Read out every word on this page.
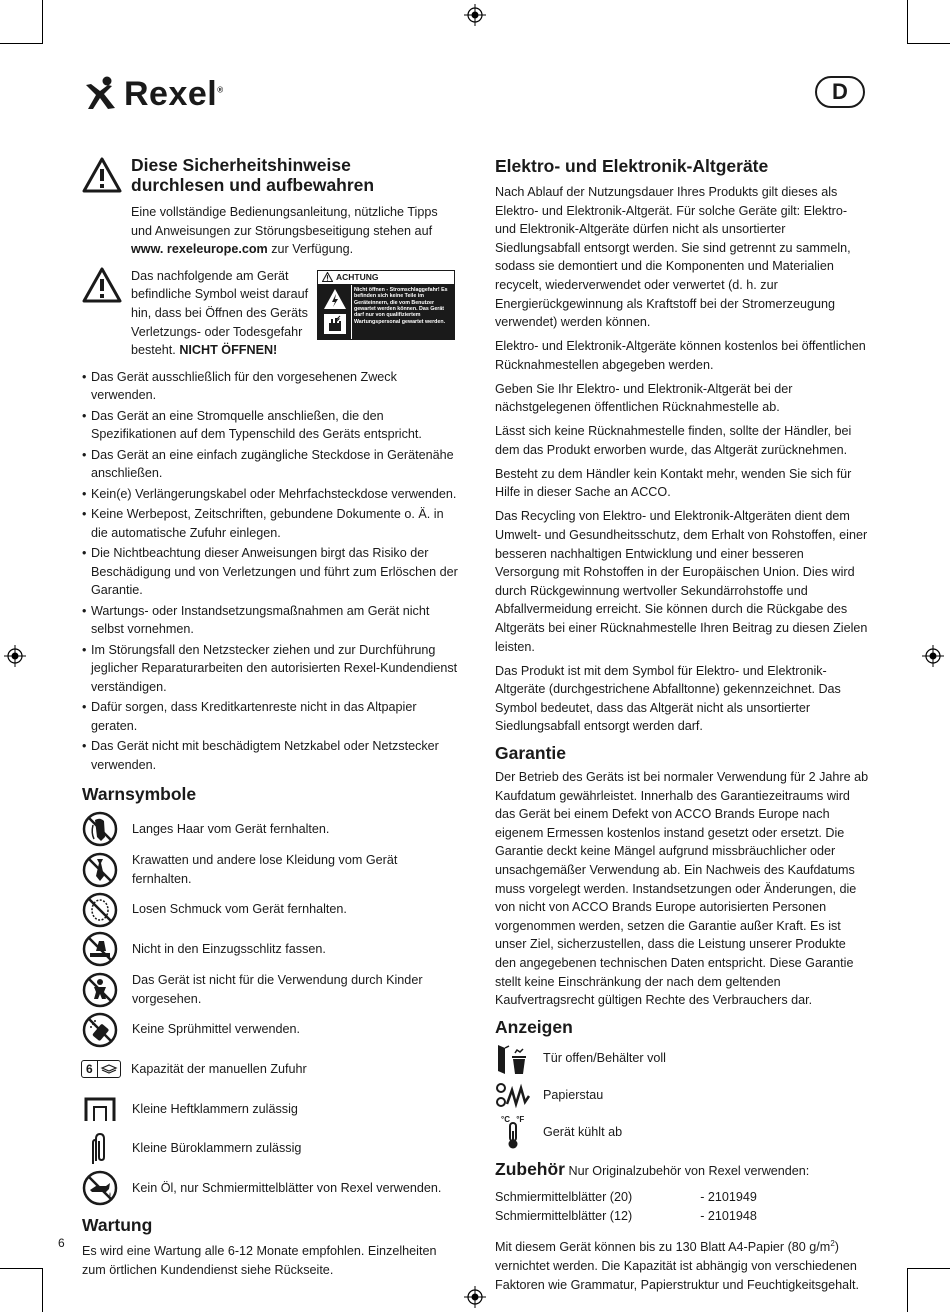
Rexel®	D
Diese Sicherheitshinweise
durchlesen und aufbewahren

Eine vollständige Bedienungsanleitung, nützliche Tipps und Anweisungen zur Störungsbeseitigung stehen auf www. rexeleurope.com zur Verfügung.

Das nachfolgende am Gerät befindliche Symbol weist darauf hin, dass bei Öffnen des Geräts Verletzungs- oder Todesgefahr besteht. NICHT ÖFFNEN!

ACHTUNG
Nicht öffnen - Stromschlaggefahr! Es befinden sich keine Teile im Geräteinnern, die vom Benutzer gewartet werden können. Das Gerät darf nur von qualifiziertem Wartungspersonal gewartet werden.
• Das Gerät ausschließlich für den vorgesehenen Zweck verwenden.
• Das Gerät an eine Stromquelle anschließen, die den Spezifikationen auf dem Typenschild des Geräts entspricht.
• Das Gerät an eine einfach zugängliche Steckdose in Gerätenähe anschließen.
• Kein(e) Verlängerungskabel oder Mehrfachsteckdose verwenden.
• Keine Werbepost, Zeitschriften, gebundene Dokumente o. Ä. in die automatische Zufuhr einlegen.
• Die Nichtbeachtung dieser Anweisungen birgt das Risiko der Beschädigung und von Verletzungen und führt zum Erlöschen der Garantie.
• Wartungs- oder Instandsetzungsmaßnahmen am Gerät nicht selbst vornehmen.
• Im Störungsfall den Netzstecker ziehen und zur Durchführung jeglicher Reparaturarbeiten den autorisierten Rexel-Kundendienst verständigen.
• Dafür sorgen, dass Kreditkartenreste nicht in das Altpapier geraten.
• Das Gerät nicht mit beschädigtem Netzkabel oder Netzstecker verwenden.
Warnsymbole
Langes Haar vom Gerät fernhalten.
Krawatten und andere lose Kleidung vom Gerät fernhalten.
Losen Schmuck vom Gerät fernhalten.
Nicht in den Einzugsschlitz fassen.
Das Gerät ist nicht für die Verwendung durch Kinder vorgesehen.
Keine Sprühmittel verwenden.
6	Kapazität der manuellen Zufuhr
Kleine Heftklammern zulässig
Kleine Büroklammern zulässig
Kein Öl, nur Schmiermittelblätter von Rexel verwenden.
Wartung

Es wird eine Wartung alle 6-12 Monate empfohlen. Einzelheiten zum örtlichen Kundendienst siehe Rückseite.

Elektro- und Elektronik-Altgeräte

Nach Ablauf der Nutzungsdauer Ihres Produkts gilt dieses als Elektro- und Elektronik-Altgerät. Für solche Geräte gilt: Elektro- und Elektronik-Altgeräte dürfen nicht als unsortierter Siedlungsabfall entsorgt werden. Sie sind getrennt zu sammeln, sodass sie demontiert und die Komponenten und Materialien recycelt, wiederverwendet oder verwertet (d. h. zur Energierückgewinnung als Kraftstoff bei der Stromerzeugung verwendet) werden können.

Elektro- und Elektronik-Altgeräte können kostenlos bei öffentlichen Rücknahmestellen abgegeben werden.

Geben Sie Ihr Elektro- und Elektronik-Altgerät bei der nächstgelegenen öffentlichen Rücknahmestelle ab.

Lässt sich keine Rücknahmestelle finden, sollte der Händler, bei dem das Produkt erworben wurde, das Altgerät zurücknehmen.

Besteht zu dem Händler kein Kontakt mehr, wenden Sie sich für Hilfe in dieser Sache an ACCO.

Das Recycling von Elektro- und Elektronik-Altgeräten dient dem Umwelt- und Gesundheitsschutz, dem Erhalt von Rohstoffen, einer besseren nachhaltigen Entwicklung und einer besseren Versorgung mit Rohstoffen in der Europäischen Union. Dies wird durch Rückgewinnung wertvoller Sekundärrohstoffe und Abfallvermeidung erreicht. Sie können durch die Rückgabe des Altgeräts bei einer Rücknahmestelle Ihren Beitrag zu diesen Zielen leisten.

Das Produkt ist mit dem Symbol für Elektro- und Elektronik-Altgeräte (durchgestrichene Abfalltonne) gekennzeichnet. Das Symbol bedeutet, dass das Altgerät nicht als unsortierter Siedlungsabfall entsorgt werden darf.

Garantie

Der Betrieb des Geräts ist bei normaler Verwendung für 2 Jahre ab Kaufdatum gewährleistet. Innerhalb des Garantiezeitraums wird das Gerät bei einem Defekt von ACCO Brands Europe nach eigenem Ermessen kostenlos instand gesetzt oder ersetzt. Die Garantie deckt keine Mängel aufgrund missbräuchlicher oder unsachgemäßer Verwendung ab. Ein Nachweis des Kaufdatums muss vorgelegt werden. Instandsetzungen oder Änderungen, die von nicht von ACCO Brands Europe autorisierten Personen vorgenommen werden, setzen die Garantie außer Kraft. Es ist unser Ziel, sicherzustellen, dass die Leistung unserer Produkte den angegebenen technischen Daten entspricht. Diese Garantie stellt keine Einschränkung der nach dem geltenden Kaufvertragsrecht gültigen Rechte des Verbrauchers dar.

Anzeigen
Tür offen/Behälter voll
Papierstau
°C °F
Gerät kühlt ab
Zubehör Nur Originalzubehör von Rexel verwenden:
Schmiermittelblätter (20)	- 2101949
Schmiermittelblätter (12)	- 2101948

Mit diesem Gerät können bis zu 130 Blatt A4-Papier (80 $g/m^2$) vernichtet werden. Die Kapazität ist abhängig von verschiedenen Faktoren wie Grammatur, Papierstruktur und Feuchtigkeitsgehalt.

6
